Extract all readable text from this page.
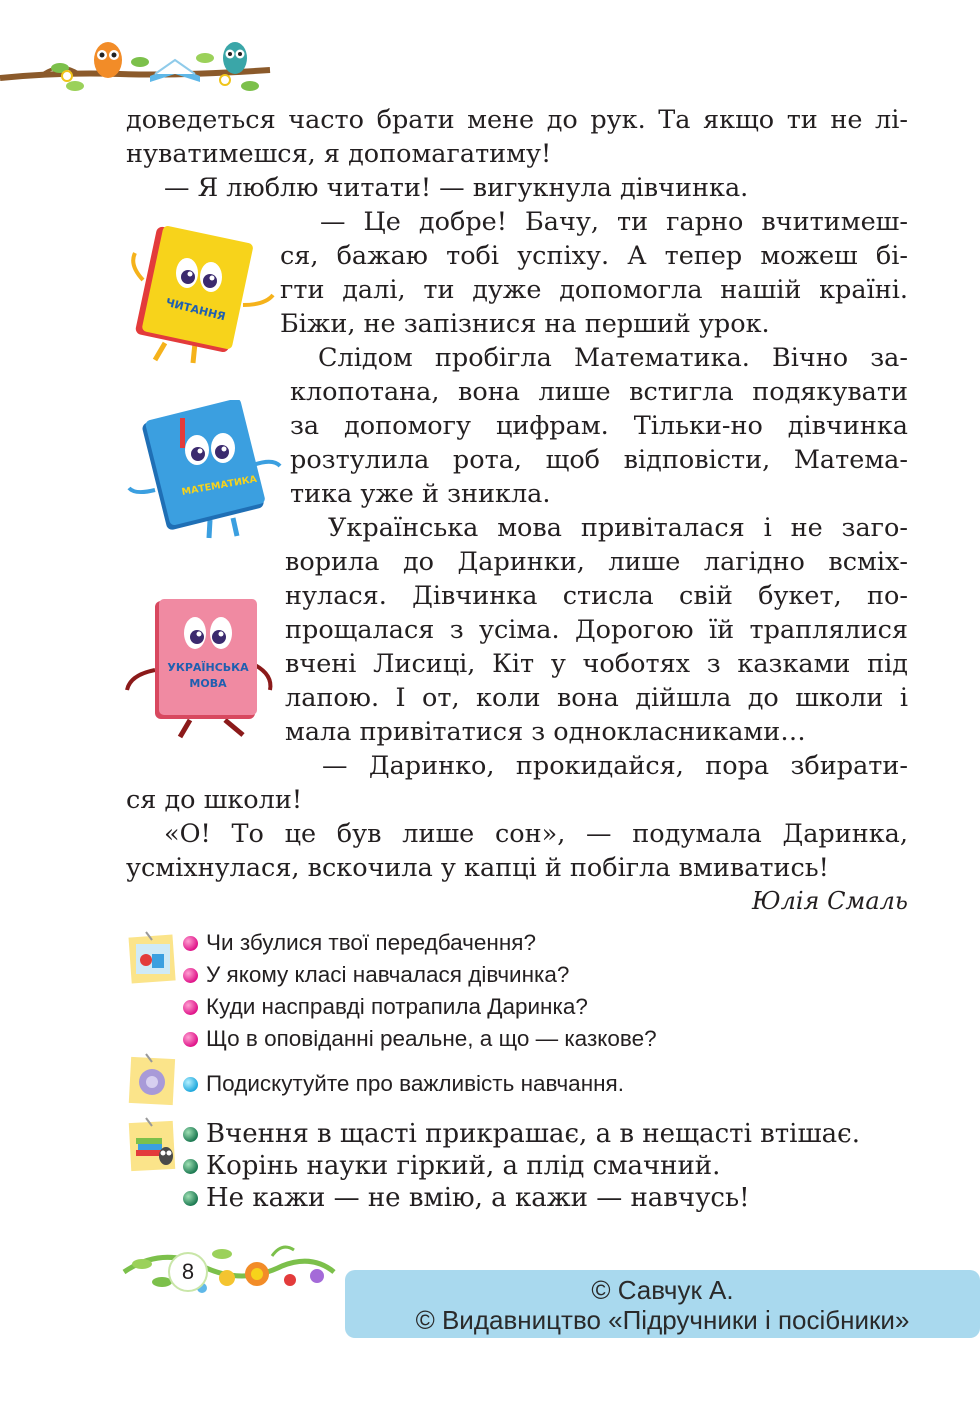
доведеться часто брати мене до рук. Та якщо ти не лі-
нуватимешся, я допомагатиму!
— Я люблю читати! — вигукнула дівчинка.
— Це добре! Бачу, ти гарно вчитимеш-
ся, бажаю тобі успіху. А тепер можеш бі-
гти далі, ти дуже допомогла нашій країні.
Біжи, не запізнися на перший урок.
Слідом пробігла Математика. Вічно за-
клопотана, вона лише встигла подякувати
за допомогу цифрам. Тільки-но дівчинка
розтулила рота, щоб відповісти, Матема-
тика уже й зникла.
Українська мова привіталася і не заго-
ворила до Даринки, лише лагідно всміх-
нулася. Дівчинка стисла свій букет, по-
прощалася з усіма. Дорогою їй траплялися
вчені Лисиці, Кіт у чоботях з казками під
лапою. І от, коли вона дійшла до школи і
мала привітатися з однокласниками…
— Даринко, прокидайся, пора збирати-
ся до школи!
«О! То це був лише сон», — подумала Даринка,
усміхнулася, вскочила у капці й побігла вмиватись!
Юлія Смаль
ЧИТАННЯ
МАТЕМАТИКА
УКРАЇНСЬКА
МОВА
Чи збулися твої передбачення?
У якому класі навчалася дівчинка?
Куди насправді потрапила Даринка?
Що в оповіданні реальне, а що — казкове?
Подискутуйте про важливість навчання.
Вчення в щасті прикрашає, а в нещасті втішає.
Корінь науки гіркий, а плід смачний.
Не кажи — не вмію, а кажи — навчусь!
8
© Савчук А.
© Видавництво «Підручники і посібники»
